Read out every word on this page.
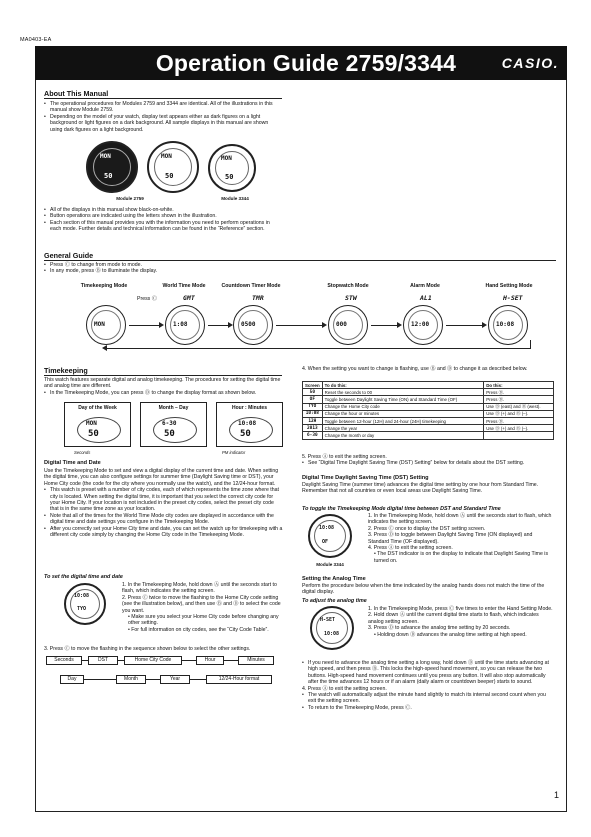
MA0403-EA
Operation Guide 2759/3344	CASIO.
About This Manual
• The operational procedures for Modules 2759 and 3344 are identical. All of the illustrations in this manual show Module 2759.
• Depending on the model of your watch, display text appears either as dark figures on a light background or light figures on a dark background. All sample displays in this manual are shown using dark figures on a light background.
MON
50
MON
50
MON
50
Module 2759	Module 3344
• All of the displays in this manual show black-on-white.
• Button operations are indicated using the letters shown in the illustration.
• Each section of this manual provides you with the information you need to perform operations in each mode. Further details and technical information can be found in the “Reference” section.
General Guide
• Press Ⓒ to change from mode to mode.
• In any mode, press Ⓑ to illuminate the display.
Timekeeping Mode	World Time Mode	Countdown Timer Mode	Stopwatch Mode	Alarm Mode	Hand Setting Mode
Press Ⓒ
MON	1:08	0500	000	12:00	10:08
GMT	TMR	STW	AL1	H-SET
Timekeeping
This watch features separate digital and analog timekeeping. The procedures for setting the digital time and analog time are different.
• In the Timekeeping Mode, you can press Ⓓ to change the display format as shown below.
Day of the Week
MON
50
Month – Day
6-30
50
Hour : Minutes
10:08
50
Seconds	PM indicator
Digital Time and Date
Use the Timekeeping Mode to set and view a digital display of the current time and date. When setting the digital time, you can also configure settings for summer time (Daylight Saving time or DST), your Home City code (the code for the city where you normally use the watch), and the 12/24-hour format.
• This watch is preset with a number of city codes, each of which represents the time zone where that city is located. When setting the digital time, it is important that you select the correct city code for your Home City. If your location is not included in the preset city codes, select the preset city code that is in the same time zone as your location.
• Note that all of the times for the World Time Mode city codes are displayed in accordance with the digital time and date settings you configure in the Timekeeping Mode.
• After you correctly set your Home City time and date, you can set the watch up for timekeeping with a different city code simply by changing the Home City code in the Timekeeping Mode.
To set the digital time and date
10:08
TYO
1. In the Timekeeping Mode, hold down Ⓐ until the seconds start to flash, which indicates the setting screen.
2. Press Ⓒ twice to move the flashing to the Home City code setting (see the illustration below), and then use Ⓑ and Ⓓ to select the code you want.
• Make sure you select your Home City code before changing any other setting.
• For full information on city codes, see the “City Code Table”.
3. Press Ⓒ to move the flashing in the sequence shown below to select the other settings.
Seconds	DST	Home City Code	Hour	Minutes
Day	Month	Year	12/24-Hour format
4. When the setting you want to change is flashing, use Ⓑ and Ⓓ to change it as described below.
Screen	To do this:	Do this:
50	Reset the seconds to 00	Press Ⓓ.
OF	Toggle between Daylight Saving Time (ON) and Standard Time (OF)	Press Ⓓ.
TYO	Change the Home City code	Use Ⓓ (east) and Ⓑ (west).
10:08	Change the hour or minutes	Use Ⓓ (+) and Ⓑ (–).
12H	Toggle between 12-hour (12H) and 24-hour (24H) timekeeping	Press Ⓓ.
2013	Change the year	Use Ⓓ (+) and Ⓑ (–).
6-30	Change the month or day	
5. Press Ⓐ to exit the setting screen.
• See “Digital Time Daylight Saving Time (DST) Setting” below for details about the DST setting.
Digital Time Daylight Saving Time (DST) Setting
Daylight Saving Time (summer time) advances the digital time setting by one hour from Standard Time. Remember that not all countries or even local areas use Daylight Saving Time.
To toggle the Timekeeping Mode digital time between DST and Standard Time
10:08
OF
Module 3344
1. In the Timekeeping Mode, hold down Ⓐ until the seconds start to flash, which indicates the setting screen.
2. Press Ⓒ once to display the DST setting screen.
3. Press Ⓓ to toggle between Daylight Saving Time (ON displayed) and Standard Time (OF displayed).
4. Press Ⓐ to exit the setting screen.
• The DST indicator is on the display to indicate that Daylight Saving Time is turned on.
Setting the Analog Time
Perform the procedure below when the time indicated by the analog hands does not match the time of the digital display.
To adjust the analog time
H-SET
10:08
1. In the Timekeeping Mode, press Ⓒ five times to enter the Hand Setting Mode.
2. Hold down Ⓐ until the current digital time starts to flash, which indicates analog setting screen.
3. Press Ⓓ to advance the analog time setting by 20 seconds.
• Holding down Ⓓ advances the analog time setting at high speed.
• If you need to advance the analog time setting a long way, hold down Ⓓ until the time starts advancing at high speed, and then press Ⓑ. This locks the high-speed hand movement, so you can release the two buttons. High-speed hand movement continues until you press any button. It will also stop automatically after the time advances 12 hours or if an alarm (daily alarm or countdown beeper) starts to sound.
4. Press Ⓐ to exit the setting screen.
• The watch will automatically adjust the minute hand slightly to match its internal second count when you exit the setting screen.
• To return to the Timekeeping Mode, press Ⓒ.
1
